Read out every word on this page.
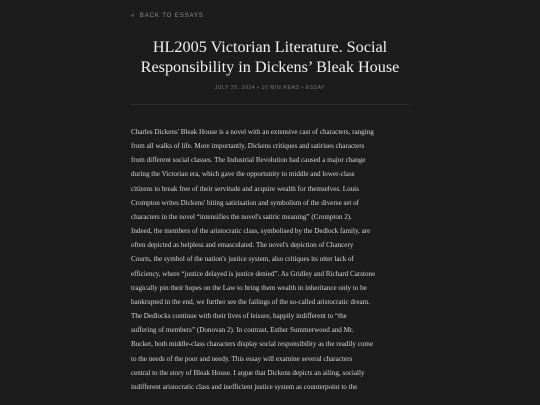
« BACK TO ESSAYS
HL2005 Victorian Literature. Social
Responsibility in Dickens’ Bleak House
JULY 25, 2024 • 10 MIN READ • ESSAY
Charles Dickens' Bleak House is a novel with an extensive cast of characters, ranging
from all walks of life. More importantly, Dickens critiques and satirises characters
from different social classes. The Industrial Revolution had caused a major change
during the Victorian era, which gave the opportunity to middle and lower-class
citizens to break free of their servitude and acquire wealth for themselves. Louis
Crompton writes Dickens' biting satirisation and symbolism of the diverse set of
characters in the novel “intensifies the novel's satiric meaning” (Crompton 2).
Indeed, the members of the aristocratic class, symbolised by the Dedlock family, are
often depicted as helpless and emasculated. The novel's depiction of Chancery
Courts, the symbol of the nation's justice system, also critiques its utter lack of
efficiency, where “justice delayed is justice denied”. As Gridley and Richard Carstone
tragically pin their hopes on the Law to bring them wealth in inheritance only to be
bankrupted in the end, we further see the failings of the so-called aristocratic dream.
The Dedlocks continue with their lives of leisure, happily indifferent to “the
suffering of members” (Donovan 2). In contrast, Esther Summerwood and Mr.
Bucket, both middle-class characters display social responsibility as the readily come
to the needs of the poor and needy. This essay will examine several characters
central to the story of Bleak House. I argue that Dickens depicts an ailing, socially
indifferent aristocratic class and inefficient justice system as counterpoint to the
